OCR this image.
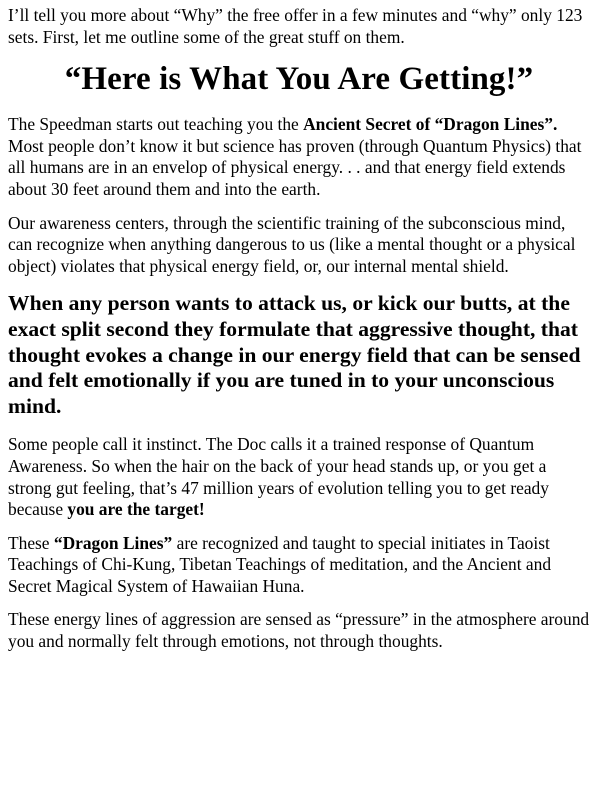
I’ll tell you more about “Why” the free offer in a few minutes and “why” only 123 sets. First, let me outline some of the great stuff on them.

“Here is What You Are Getting!”

The Speedman starts out teaching you the Ancient Secret of “Dragon Lines”. Most people don’t know it but science has proven (through Quantum Physics) that all humans are in an envelop of physical energy. . . and that energy field extends about 30 feet around them and into the earth.

Our awareness centers, through the scientific training of the subconscious mind, can recognize when anything dangerous to us (like a mental thought or a physical object) violates that physical energy field, or, our internal mental shield.

When any person wants to attack us, or kick our butts, at the exact split second they formulate that aggressive thought, that thought evokes a change in our energy field that can be sensed and felt emotionally if you are tuned in to your unconscious mind.

Some people call it instinct. The Doc calls it a trained response of Quantum Awareness. So when the hair on the back of your head stands up, or you get a strong gut feeling, that’s 47 million years of evolution telling you to get ready because you are the target!

These “Dragon Lines” are recognized and taught to special initiates in Taoist Teachings of Chi-Kung, Tibetan Teachings of meditation, and the Ancient and Secret Magical System of Hawaiian Huna.

These energy lines of aggression are sensed as “pressure” in the atmosphere around you and normally felt through emotions, not through thoughts.
